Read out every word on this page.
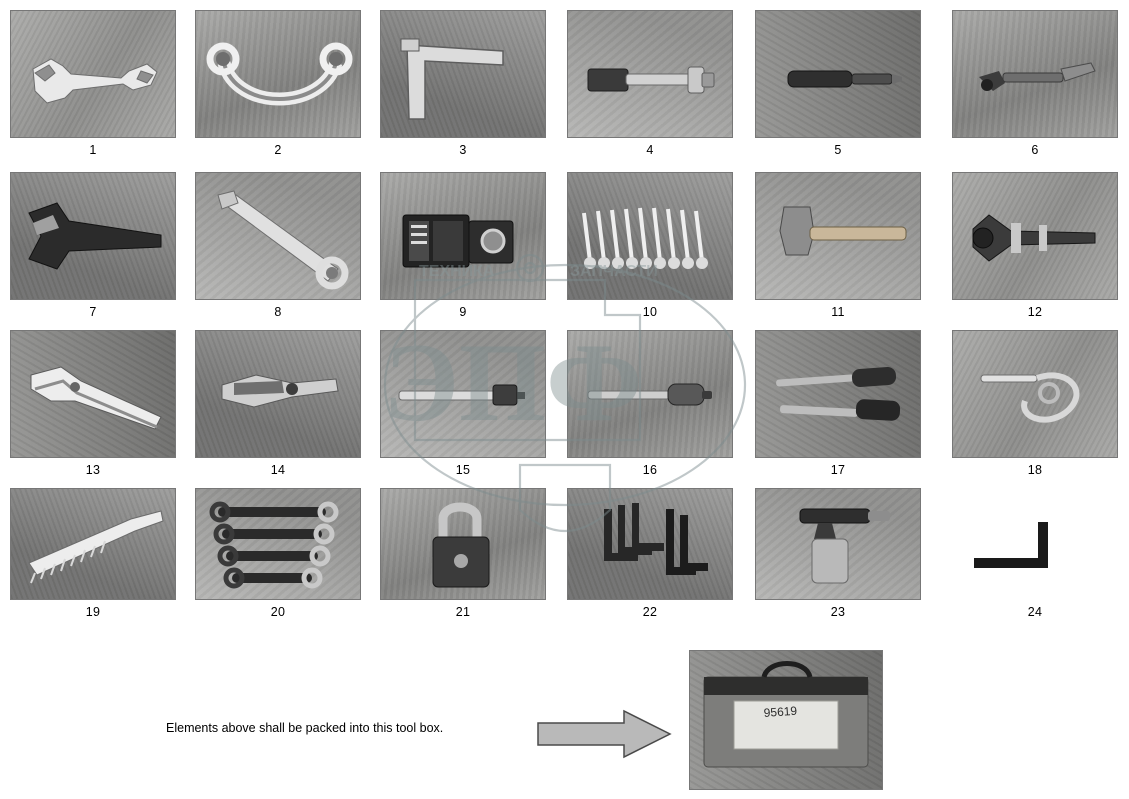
1	2	3	4	5	6
7	8	9	10	11	12
13	14	15	16	17	18
19	20	21	22	23	24
Elements above shall be packed into this tool box.
95619
ЭПФ
ТЕХНИКА	ЗАПЧАСТИ
